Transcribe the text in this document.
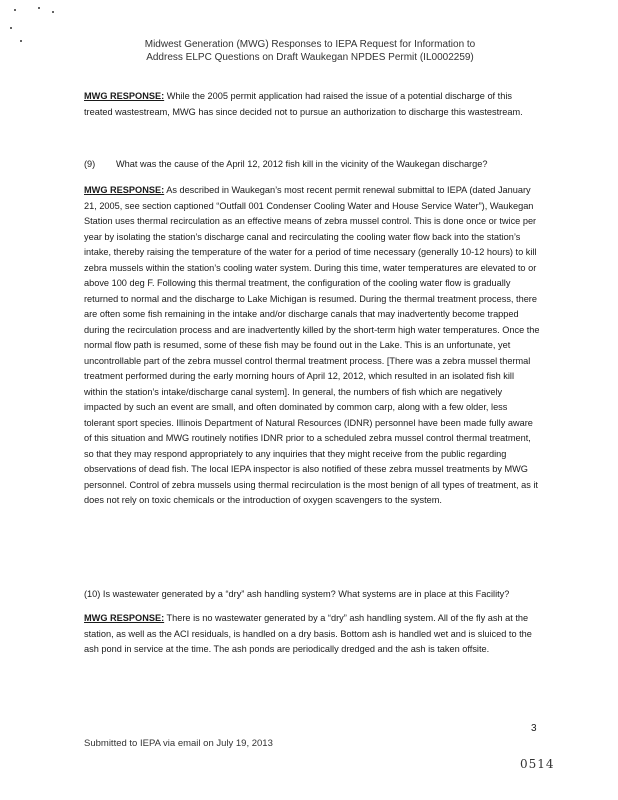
Midwest Generation (MWG) Responses to IEPA Request for Information to
Address ELPC Questions on Draft Waukegan NPDES Permit (IL0002259)
MWG RESPONSE: While the 2005 permit application had raised the issue of a potential discharge of this treated wastestream, MWG has since decided not to pursue an authorization to discharge this wastestream.
(9) What was the cause of the April 12, 2012 fish kill in the vicinity of the Waukegan discharge?
MWG RESPONSE: As described in Waukegan’s most recent permit renewal submittal to IEPA (dated January 21, 2005, see section captioned “Outfall 001 Condenser Cooling Water and House Service Water”), Waukegan Station uses thermal recirculation as an effective means of zebra mussel control. This is done once or twice per year by isolating the station’s discharge canal and recirculating the cooling water flow back into the station’s intake, thereby raising the temperature of the water for a period of time necessary (generally 10-12 hours) to kill zebra mussels within the station’s cooling water system. During this time, water temperatures are elevated to or above 100 deg F. Following this thermal treatment, the configuration of the cooling water flow is gradually returned to normal and the discharge to Lake Michigan is resumed. During the thermal treatment process, there are often some fish remaining in the intake and/or discharge canals that may inadvertently become trapped during the recirculation process and are inadvertently killed by the short-term high water temperatures. Once the normal flow path is resumed, some of these fish may be found out in the Lake. This is an unfortunate, yet uncontrollable part of the zebra mussel control thermal treatment process. [There was a zebra mussel thermal treatment performed during the early morning hours of April 12, 2012, which resulted in an isolated fish kill within the station’s intake/discharge canal system]. In general, the numbers of fish which are negatively impacted by such an event are small, and often dominated by common carp, along with a few older, less tolerant sport species. Illinois Department of Natural Resources (IDNR) personnel have been made fully aware of this situation and MWG routinely notifies IDNR prior to a scheduled zebra mussel control thermal treatment, so that they may respond appropriately to any inquiries that they might receive from the public regarding observations of dead fish. The local IEPA inspector is also notified of these zebra mussel treatments by MWG personnel. Control of zebra mussels using thermal recirculation is the most benign of all types of treatment, as it does not rely on toxic chemicals or the introduction of oxygen scavengers to the system.
(10) Is wastewater generated by a “dry” ash handling system? What systems are in place at this Facility?
MWG RESPONSE: There is no wastewater generated by a “dry” ash handling system. All of the fly ash at the station, as well as the ACI residuals, is handled on a dry basis. Bottom ash is handled wet and is sluiced to the ash pond in service at the time. The ash ponds are periodically dredged and the ash is taken offsite.
3
Submitted to IEPA via email on July 19, 2013
0514
